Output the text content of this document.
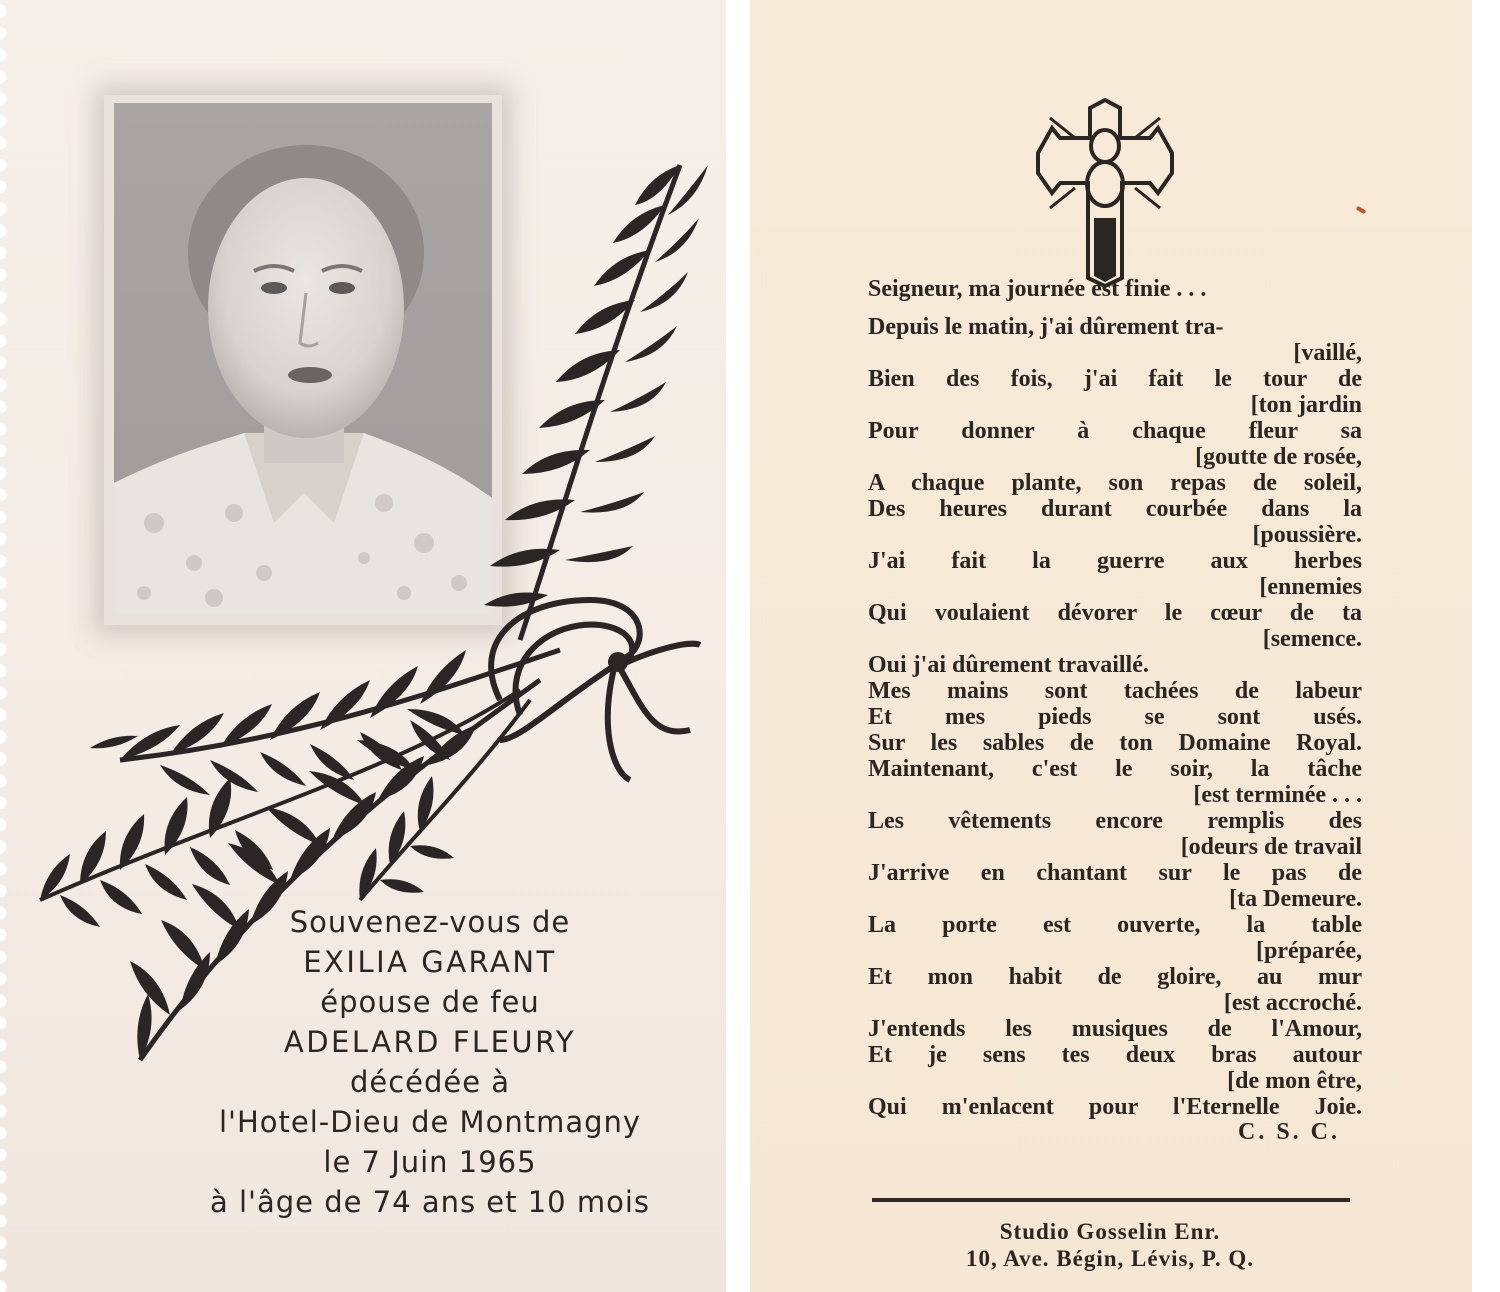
Souvenez-vous de
EXILIA GARANT
épouse de feu
ADELARD FLEURY
décédée à
l'Hotel-Dieu de Montmagny
le 7 Juin 1965
à l'âge de 74 ans et 10 mois
Seigneur, ma journée est finie . . .
Depuis le matin, j'ai dûrement tra-
[vaillé,
Bien des fois, j'ai fait le tour de
[ton jardin
Pour donner à chaque fleur sa
[goutte de rosée,
A chaque plante, son repas de soleil,
Des heures durant courbée dans la
[poussière.
J'ai fait la guerre aux herbes
[ennemies
Qui voulaient dévorer le cœur de ta
[semence.
Oui j'ai dûrement travaillé.
Mes mains sont tachées de labeur
Et mes pieds se sont usés.
Sur les sables de ton Domaine Royal.
Maintenant, c'est le soir, la tâche
[est terminée . . .
Les vêtements encore remplis des
[odeurs de travail
J'arrive en chantant sur le pas de
[ta Demeure.
La porte est ouverte, la table
[préparée,
Et mon habit de gloire, au mur
[est accroché.
J'entends les musiques de l'Amour,
Et je sens tes deux bras autour
[de mon être,
Qui m'enlacent pour l'Eternelle Joie.
C. S. C.
Studio Gosselin Enr.
10, Ave. Bégin, Lévis, P. Q.
